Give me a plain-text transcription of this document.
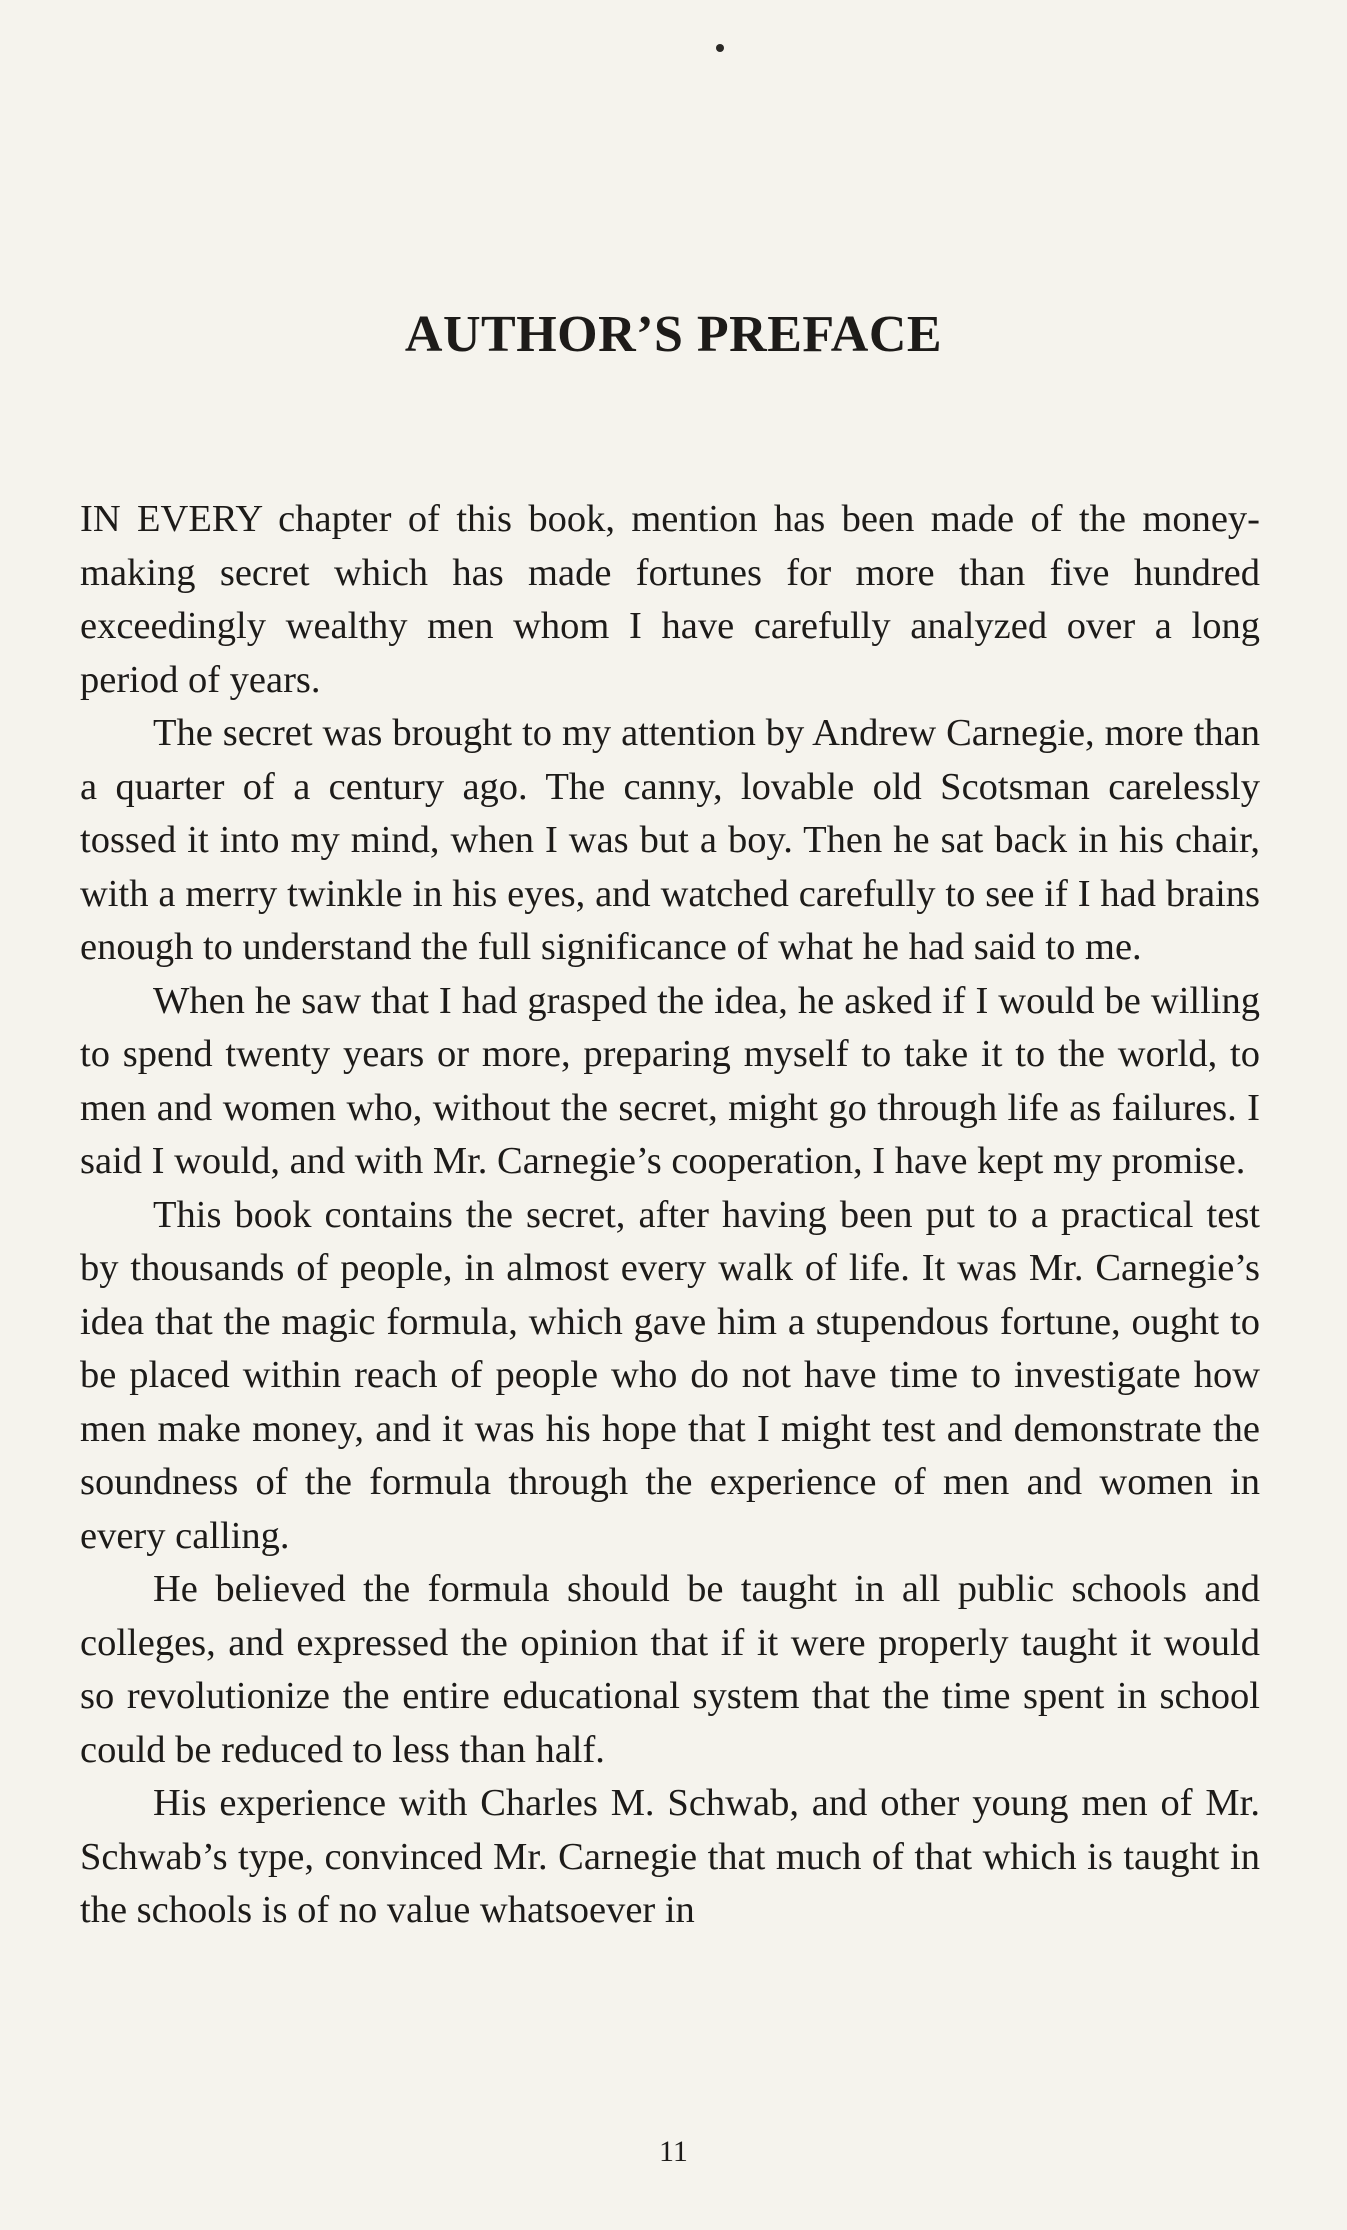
AUTHOR’S PREFACE

IN EVERY chapter of this book, mention has been made of the money-making secret which has made fortunes for more than five hundred exceedingly wealthy men whom I have carefully analyzed over a long period of years.

The secret was brought to my attention by Andrew Carnegie, more than a quarter of a century ago. The canny, lovable old Scotsman carelessly tossed it into my mind, when I was but a boy. Then he sat back in his chair, with a merry twinkle in his eyes, and watched carefully to see if I had brains enough to understand the full significance of what he had said to me.

When he saw that I had grasped the idea, he asked if I would be willing to spend twenty years or more, preparing myself to take it to the world, to men and women who, without the secret, might go through life as failures. I said I would, and with Mr. Carnegie’s cooperation, I have kept my promise.

This book contains the secret, after having been put to a practical test by thousands of people, in almost every walk of life. It was Mr. Carnegie’s idea that the magic formula, which gave him a stupendous fortune, ought to be placed within reach of people who do not have time to investigate how men make money, and it was his hope that I might test and demonstrate the soundness of the formula through the experience of men and women in every calling.

He believed the formula should be taught in all public schools and colleges, and expressed the opinion that if it were properly taught it would so revolutionize the entire educational system that the time spent in school could be reduced to less than half.

His experience with Charles M. Schwab, and other young men of Mr. Schwab’s type, convinced Mr. Carnegie that much of that which is taught in the schools is of no value whatsoever in

11
